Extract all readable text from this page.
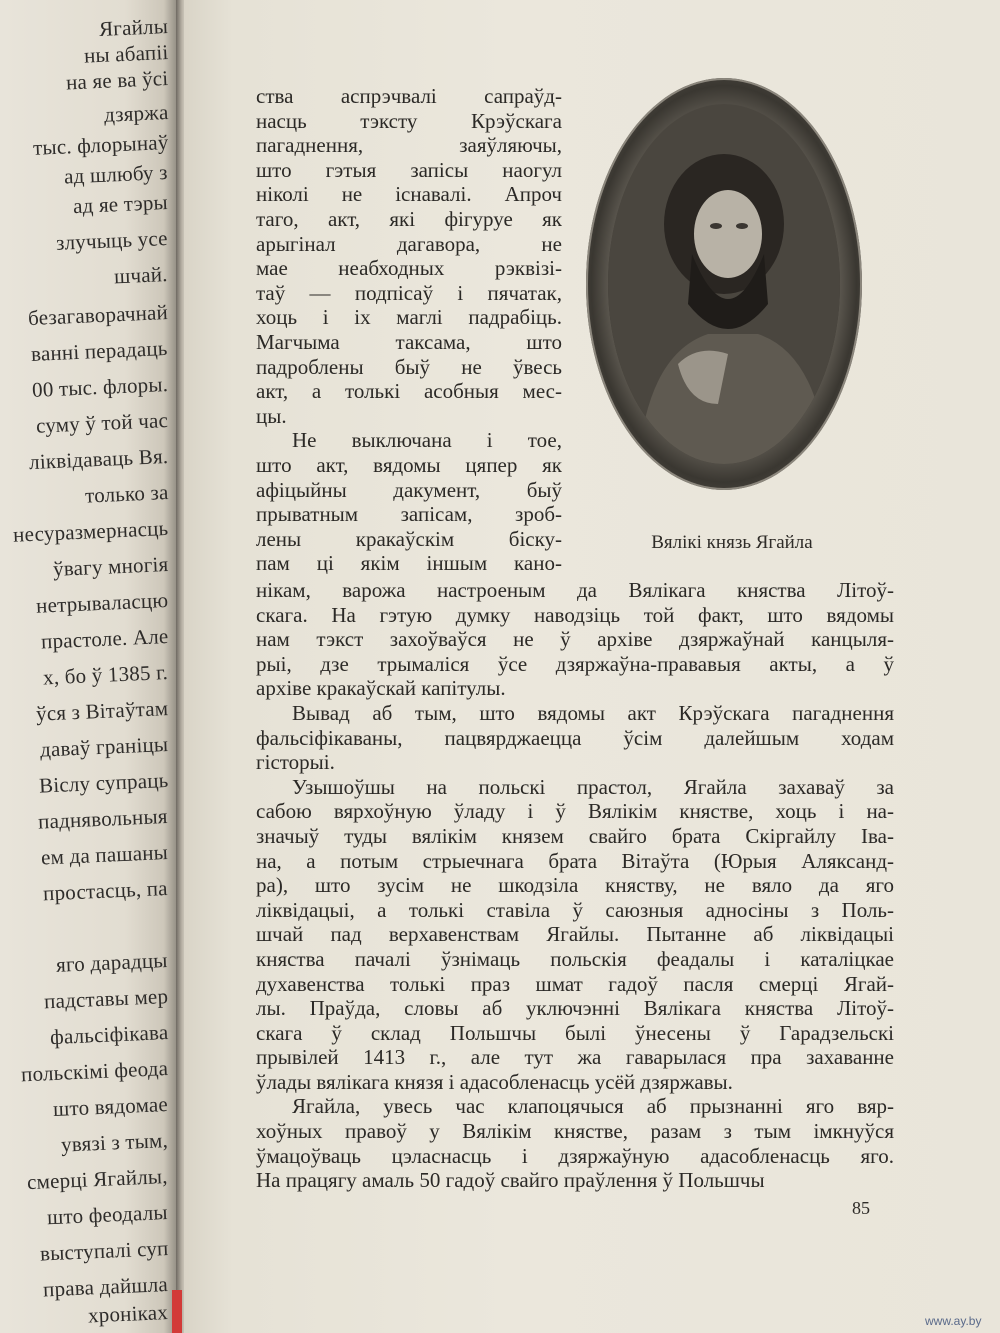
Ягайлы
ны абапіі
на яе ва ўсі
дзяржа
тыс. флорынаў
ад шлюбу з
ад яе тэры
злучыць усе
шчай.
безагаворачнай
ванні перадаць
00 тыс. флоры.
суму ў той час
ліквідаваць Вя.
только за
несуразмернасць
ўвагу многія
нетрываласцю
прастоле. Але
х, бо ў 1385 г.
ўся з Вітаўтам
даваў граніцы
Віслу супраць
паднявольныя
ем да пашаны
простасць, па
яго дарадцы
падставы мер
фальсіфікава
польскімі феода
што вядомае
увязі з тым,
смерці Ягайлы,
што феодалы
выступалі суп
права дайшла
хроніках
ства аспрэчвалі сапраўд-
насць тэксту Крэўскага
пагаднення, заяўляючы,
што гэтыя запісы наогул
ніколі не існавалі. Апроч
таго, акт, які фігуруе як
арыгінал дагавора, не
мае неабходных рэквізі-
таў — подпісаў і пячатак,
хоць і іх маглі падрабіць.
Магчыма таксама, што
падроблены быў не ўвесь
акт, а толькі асобныя мес-
цы.
Не выключана і тое,
што акт, вядомы цяпер як
афіцыйны дакумент, быў
прыватным запісам, зроб-
лены кракаўскім біску-
пам ці якім іншым кано-
нікам, варожа настроеным да Вялікага княства Літоў-
скага. На гэтую думку наводзіць той факт, што вядомы
нам тэкст захоўваўся не ў архіве дзяржаўнай канцыля-
рыі, дзе трымаліся ўсе дзяржаўна-прававыя акты, а ў
архіве кракаўскай капітулы.
Вывад аб тым, што вядомы акт Крэўскага пагаднення
фальсіфікаваны, пацвярджаецца ўсім далейшым ходам
гісторыі.
Узышоўшы на польскі прастол, Ягайла захаваў за
сабою вярхоўную ўладу і ў Вялікім княстве, хоць і на-
значыў туды вялікім князем свайго брата Скіргайлу Іва-
на, а потым стрыечнага брата Вітаўта (Юрыя Аляксанд-
ра), што зусім не шкодзіла княству, не вяло да яго
ліквідацыі, а толькі ставіла ў саюзныя адносіны з Поль-
шчай пад верхавенствам Ягайлы. Пытанне аб ліквідацыі
княства пачалі ўзнімаць польскія феадалы і каталіцкае
духавенства толькі праз шмат гадоў пасля смерці Ягай-
лы. Праўда, словы аб уключэнні Вялікага княства Літоў-
скага ў склад Польшчы былі ўнесены ў Гарадзельскі
прывілей 1413 г., але тут жа гаварылася пра захаванне
ўлады вялікага князя і адасобленасць усёй дзяржавы.
Ягайла, увесь час клапоцячыся аб прызнанні яго вяр-
хоўных правоў у Вялікім княстве, разам з тым імкнуўся
ўмацоўваць цэласнасць і дзяржаўную адасобленасць яго.
На працягу амаль 50 гадоў свайго праўлення ў Польшчы
Вялікі князь Ягайла
85
www.ay.by
